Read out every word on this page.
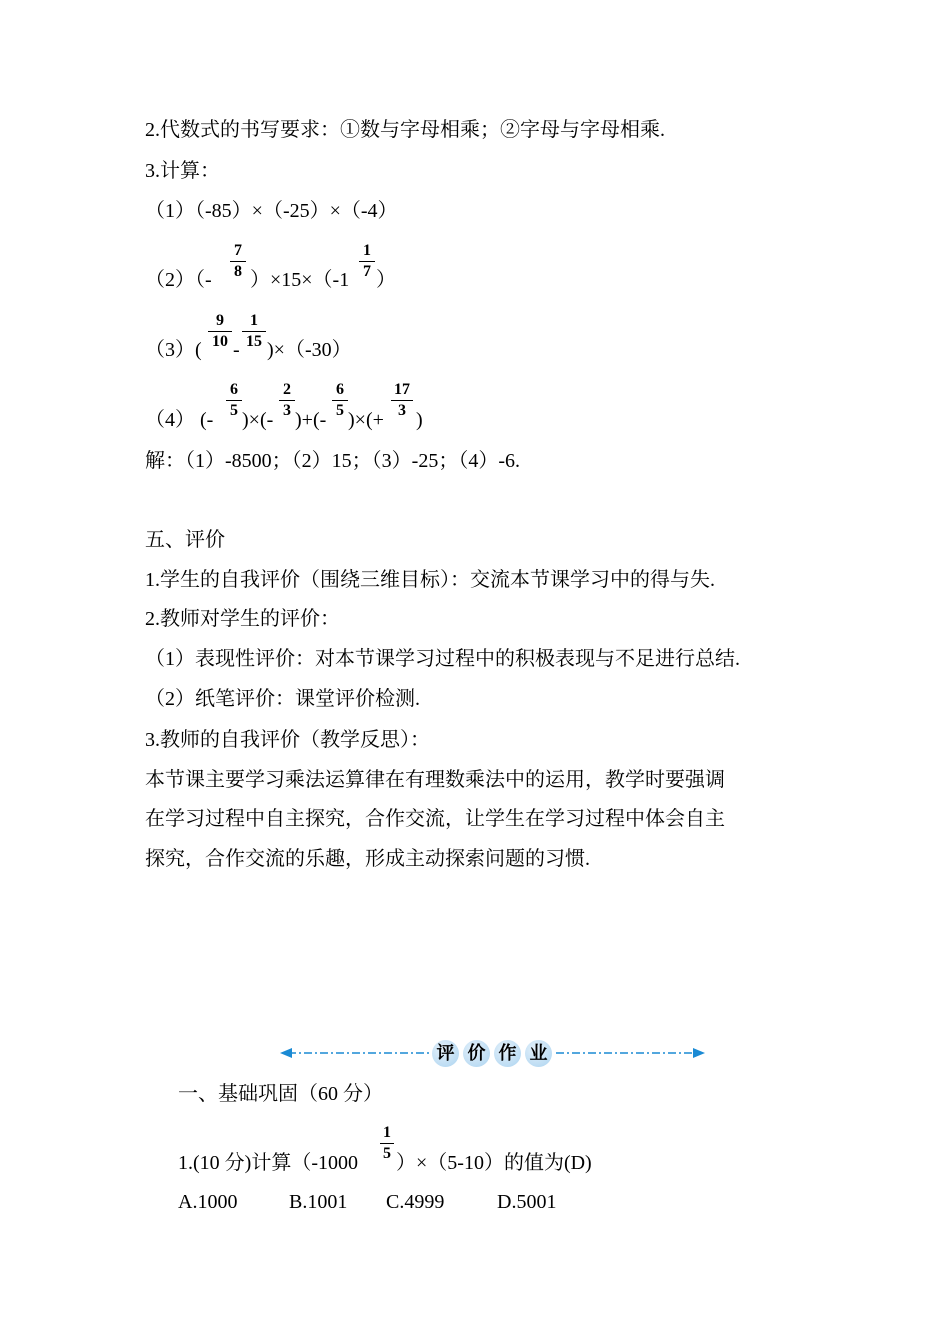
2.代数式的书写要求：①数与字母相乘；②字母与字母相乘.
3.计算：
（1）（-85）×（-25）×（-4）
（2）（-
7
8 ）×15×（-1
1
7 ）
（3）(
9
10 -
1
15 )×（-30）
（4） (-
6
5 )×(-
2
3 )+(-
6
5 )×(+
17
3 )
解：（1）-8500；（2）15；（3）-25；（4）-6.
五、评价
1.学生的自我评价（围绕三维目标）：交流本节课学习中的得与失.
2.教师对学生的评价：
（1）表现性评价：对本节课学习过程中的积极表现与不足进行总结.
（2）纸笔评价：课堂评价检测.
3.教师的自我评价（教学反思）：
本节课主要学习乘法运算律在有理数乘法中的运用，教学时要强调
在学习过程中自主探究，合作交流，让学生在学习过程中体会自主
探究，合作交流的乐趣，形成主动探索问题的习惯.
评 价 作 业
一、基础巩固（60 分）
1.(10 分)计算（-1000
1
5 ）×（5-10）的值为(D)
A.1000	B.1001 C.4999	D.5001
